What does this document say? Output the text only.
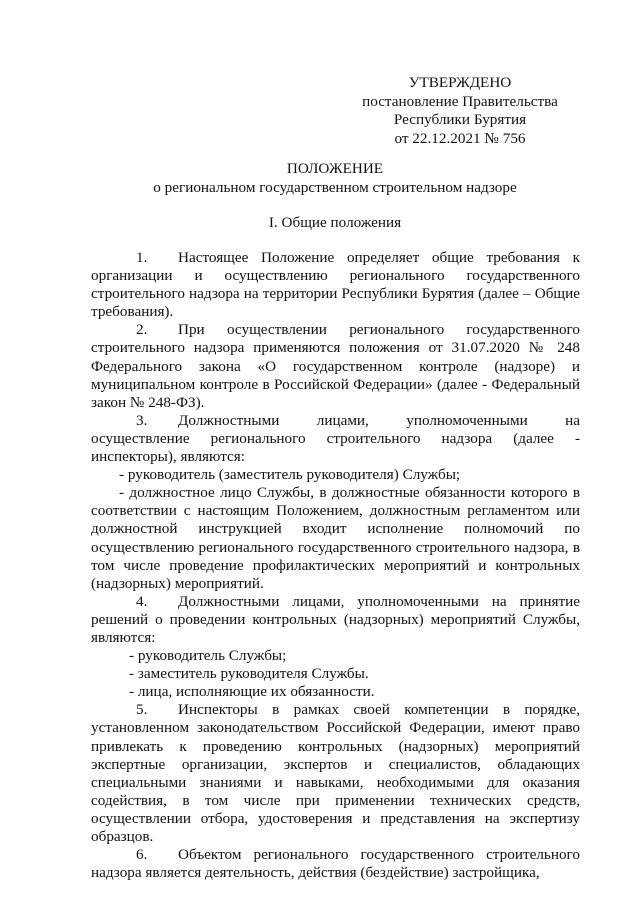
УТВЕРЖДЕНО
постановление Правительства
Республики Бурятия
от 22.12.2021 № 756
ПОЛОЖЕНИЕ
о региональном государственном строительном надзоре
I. Общие положения

1. Настоящее Положение определяет общие требования к организации и осуществлению регионального государственного строительного надзора на территории Республики Бурятия (далее – Общие требования).

2. При осуществлении регионального государственного строительного надзора применяются положения от 31.07.2020 № 248 Федерального закона «О государственном контроле (надзоре) и муниципальном контроле в Российской Федерации» (далее - Федеральный закон № 248-ФЗ).

3. Должностными лицами, уполномоченными на осуществление регионального строительного надзора (далее - инспекторы), являются:

- руководитель (заместитель руководителя) Службы;

- должностное лицо Службы, в должностные обязанности которого в соответствии с настоящим Положением, должностным регламентом или должностной инструкцией входит исполнение полномочий по осуществлению регионального государственного строительного надзора, в том числе проведение профилактических мероприятий и контрольных (надзорных) мероприятий.

4. Должностными лицами, уполномоченными на принятие решений о проведении контрольных (надзорных) мероприятий Службы, являются:

- руководитель Службы;

- заместитель руководителя Службы.

- лица, исполняющие их обязанности.

5. Инспекторы в рамках своей компетенции в порядке, установленном законодательством Российской Федерации, имеют право привлекать к проведению контрольных (надзорных) мероприятий экспертные организации, экспертов и специалистов, обладающих специальными знаниями и навыками, необходимыми для оказания содействия, в том числе при применении технических средств, осуществлении отбора, удостоверения и представления на экспертизу образцов.

6. Объектом регионального государственного строительного надзора является деятельность, действия (бездействие) застройщика,
